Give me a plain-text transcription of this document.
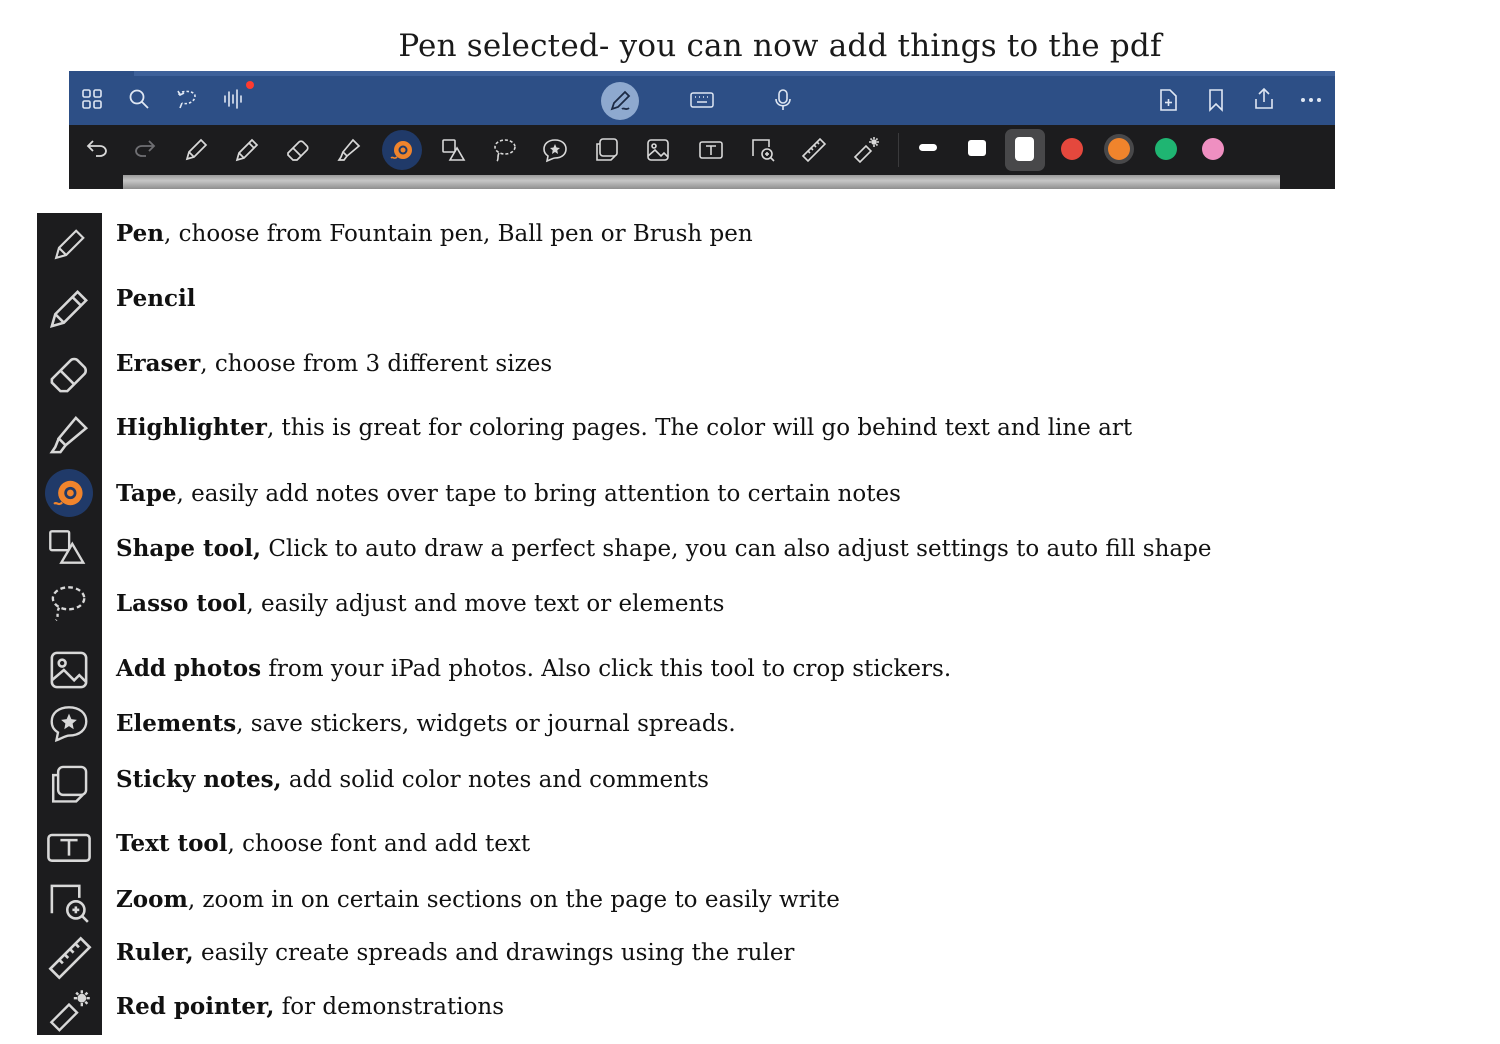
Pen selected- you can now add things to the pdf
Pen, choose from Fountain pen, Ball pen or Brush pen
Pencil
Eraser, choose from 3 different sizes
Highlighter, this is great for coloring pages. The color will go behind text and line art
Tape, easily add notes over tape to bring attention to certain notes
Shape tool, Click to auto draw a perfect shape, you can also adjust settings to auto fill shape
Lasso tool, easily adjust and move text or elements
Add photos from your iPad photos. Also click this tool to crop stickers.
Elements, save stickers, widgets or journal spreads.
Sticky notes, add solid color notes and comments
Text tool, choose font and add text
Zoom, zoom in on certain sections on the page to easily write
Ruler, easily create spreads and drawings using the ruler
Red pointer, for demonstrations
